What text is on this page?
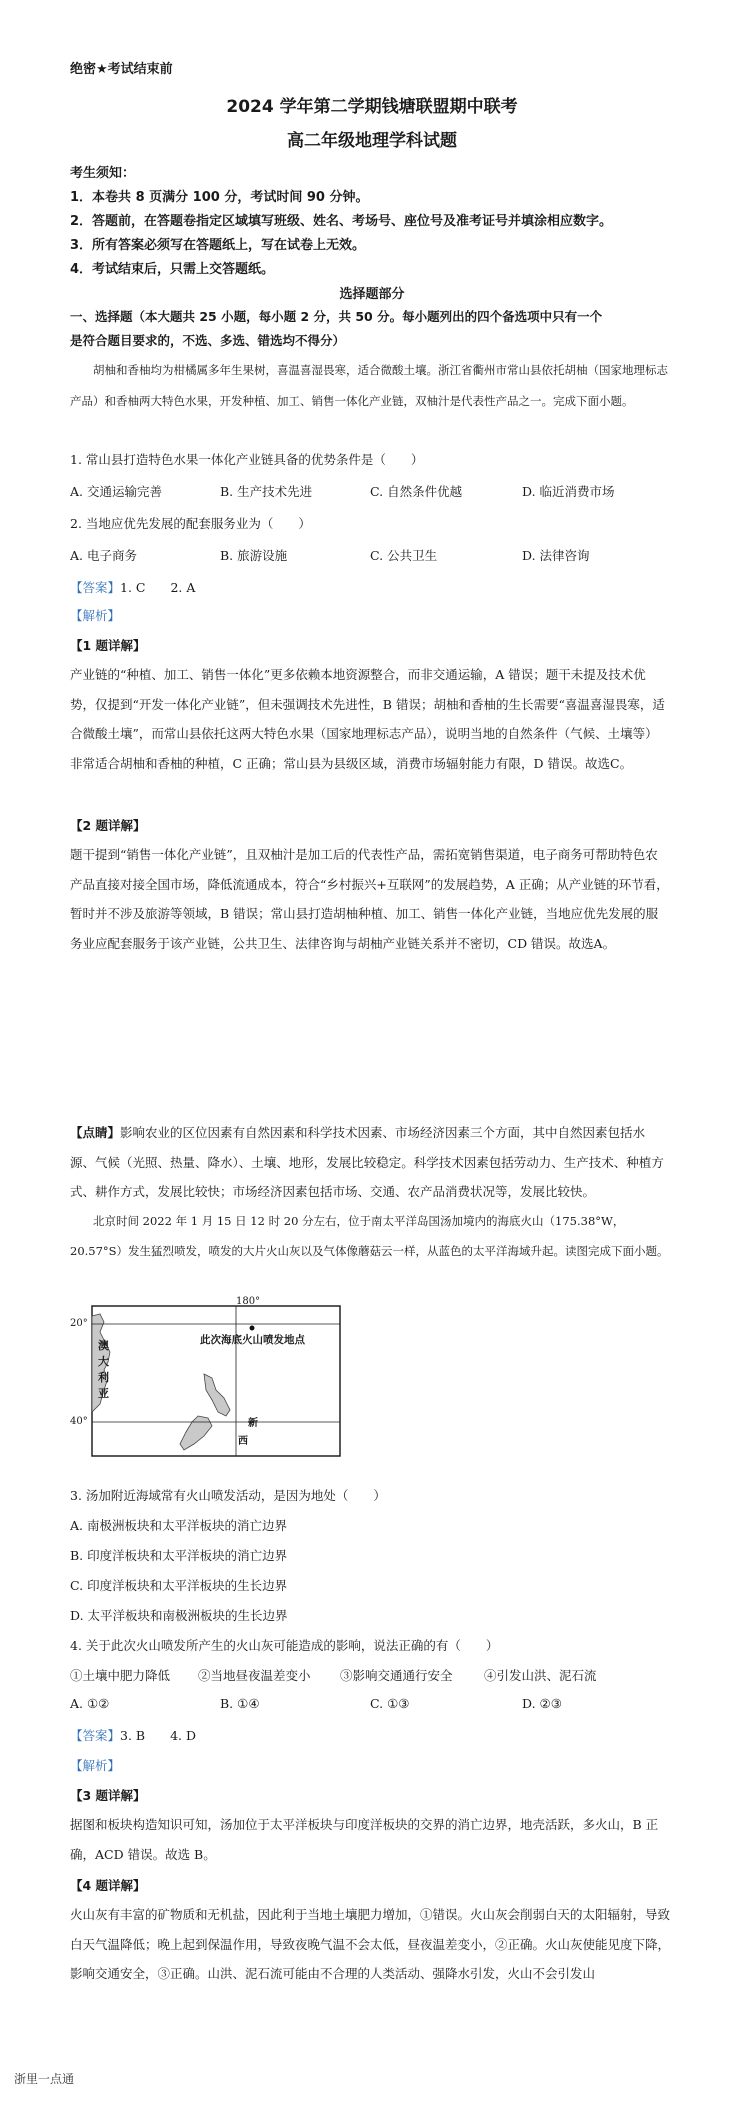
绝密★考试结束前
2024 学年第二学期钱塘联盟期中联考
高二年级地理学科试题
考生须知：
1．本卷共 8 页满分 100 分，考试时间 90 分钟。
2．答题前，在答题卷指定区域填写班级、姓名、考场号、座位号及准考证号并填涂相应数字。
3．所有答案必须写在答题纸上，写在试卷上无效。
4．考试结束后，只需上交答题纸。
选择题部分
一、选择题（本大题共 25 小题，每小题 2 分，共 50 分。每小题列出的四个备选项中只有一个
是符合题目要求的，不选、多选、错选均不得分）
胡柚和香柚均为柑橘属多年生果树，喜温喜湿畏寒，适合微酸土壤。浙江省衢州市常山县依托胡柚（国家地理标志产品）和香柚两大特色水果，开发种植、加工、销售一体化产业链，双柚汁是代表性产品之一。完成下面小题。
1. 常山县打造特色水果一体化产业链具备的优势条件是（　　）
A. 交通运输完善	B. 生产技术先进	C. 自然条件优越	D. 临近消费市场
2. 当地应优先发展的配套服务业为（　　）
A. 电子商务	B. 旅游设施	C. 公共卫生	D. 法律咨询
【答案】1. C　　2. A
【解析】
【1 题详解】
产业链的“种植、加工、销售一体化”更多依赖本地资源整合，而非交通运输，A 错误；题干未提及技术优势，仅提到“开发一体化产业链”，但未强调技术先进性，B 错误；胡柚和香柚的生长需要“喜温喜湿畏寒，适合微酸土壤”，而常山县依托这两大特色水果（国家地理标志产品），说明当地的自然条件（气候、土壤等）非常适合胡柚和香柚的种植，C 正确；常山县为县级区域，消费市场辐射能力有限，D 错误。故选C。
【2 题详解】
题干提到“销售一体化产业链”，且双柚汁是加工后的代表性产品，需拓宽销售渠道，电子商务可帮助特色农产品直接对接全国市场，降低流通成本，符合“乡村振兴+互联网”的发展趋势，A 正确；从产业链的环节看，暂时并不涉及旅游等领域，B 错误；常山县打造胡柚种植、加工、销售一体化产业链，当地应优先发展的服务业应配套服务于该产业链，公共卫生、法律咨询与胡柚产业链关系并不密切，CD 错误。故选A。
【点睛】影响农业的区位因素有自然因素和科学技术因素、市场经济因素三个方面，其中自然因素包括水源、气候（光照、热量、降水）、土壤、地形，发展比较稳定。科学技术因素包括劳动力、生产技术、种植方式、耕作方式，发展比较快；市场经济因素包括市场、交通、农产品消费状况等，发展比较快。
北京时间 2022 年 1 月 15 日 12 时 20 分左右，位于南太平洋岛国汤加境内的海底火山（175.38°W，20.57°S）发生猛烈喷发，喷发的大片火山灰以及气体像蘑菇云一样，从蓝色的太平洋海域升起。读图完成下面小题。
180°
20°
40°
此次海底火山喷发地点
澳
大
利
亚
新
西
3. 汤加附近海域常有火山喷发活动，是因为地处（　　）
A. 南极洲板块和太平洋板块的消亡边界
B. 印度洋板块和太平洋板块的消亡边界
C. 印度洋板块和太平洋板块的生长边界
D. 太平洋板块和南极洲板块的生长边界
4. 关于此次火山喷发所产生的火山灰可能造成的影响，说法正确的有（　　）
①土壤中肥力降低 ②当地昼夜温差变小 ③影响交通通行安全	④引发山洪、泥石流
A. ①②	B. ①④	C. ①③	D. ②③
【答案】3. B　　4. D
【解析】
【3 题详解】
据图和板块构造知识可知，汤加位于太平洋板块与印度洋板块的交界的消亡边界，地壳活跃，多火山，B 正确，ACD 错误。故选 B。
【4 题详解】
火山灰有丰富的矿物质和无机盐，因此利于当地土壤肥力增加，①错误。火山灰会削弱白天的太阳辐射，导致白天气温降低；晚上起到保温作用，导致夜晚气温不会太低，昼夜温差变小，②正确。火山灰使能见度下降，影响交通安全，③正确。山洪、泥石流可能由不合理的人类活动、强降水引发，火山不会引发山
浙里一点通
